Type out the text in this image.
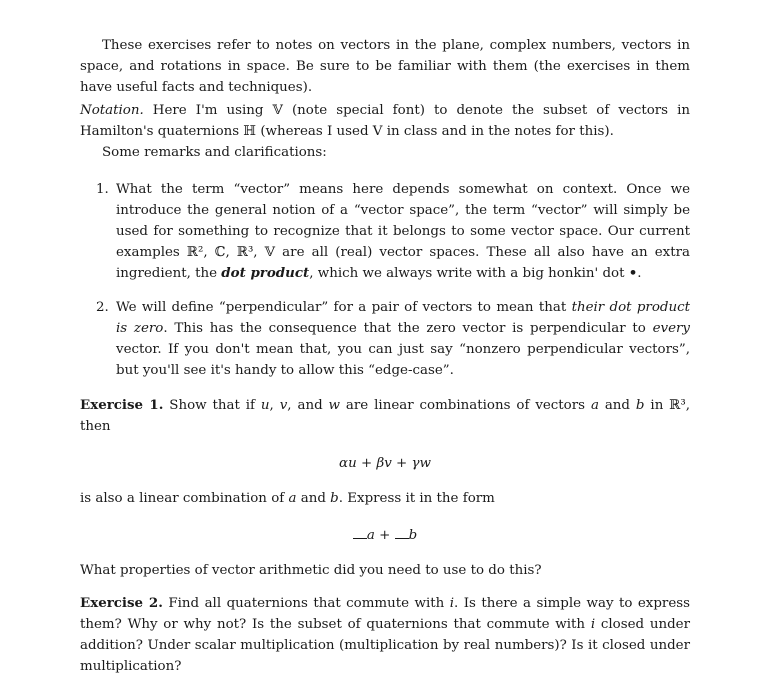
These exercises refer to notes on vectors in the plane, complex numbers, vectors in space, and rotations in space. Be sure to be familiar with them (the exercises in them have useful facts and techniques).

Notation. Here I'm using 𝕍 (note special font) to denote the subset of vectors in Hamilton's quaternions ℍ (whereas I used V in class and in the notes for this).

Some remarks and clarifications:

1. What the term “vector” means here depends somewhat on context. Once we introduce the general notion of a “vector space”, the term “vector” will simply be used for something to recognize that it belongs to some vector space. Our current examples ℝ², ℂ, ℝ³, 𝕍 are all (real) vector spaces. These all also have an extra ingredient, the dot product, which we always write with a big honkin' dot •.
2. We will define “perpendicular” for a pair of vectors to mean that their dot product is zero. This has the consequence that the zero vector is perpendicular to every vector. If you don't mean that, you can just say “nonzero perpendicular vectors”, but you'll see it's handy to allow this “edge-case”.

Exercise 1. Show that if u, v, and w are linear combinations of vectors a and b in ℝ³, then

αu + βv + γw

is also a linear combination of a and b. Express it in the form

a + b

What properties of vector arithmetic did you need to use to do this?

Exercise 2. Find all quaternions that commute with i. Is there a simple way to express them? Why or why not? Is the subset of quaternions that commute with i closed under addition? Under scalar multiplication (multiplication by real numbers)? Is it closed under multiplication?
